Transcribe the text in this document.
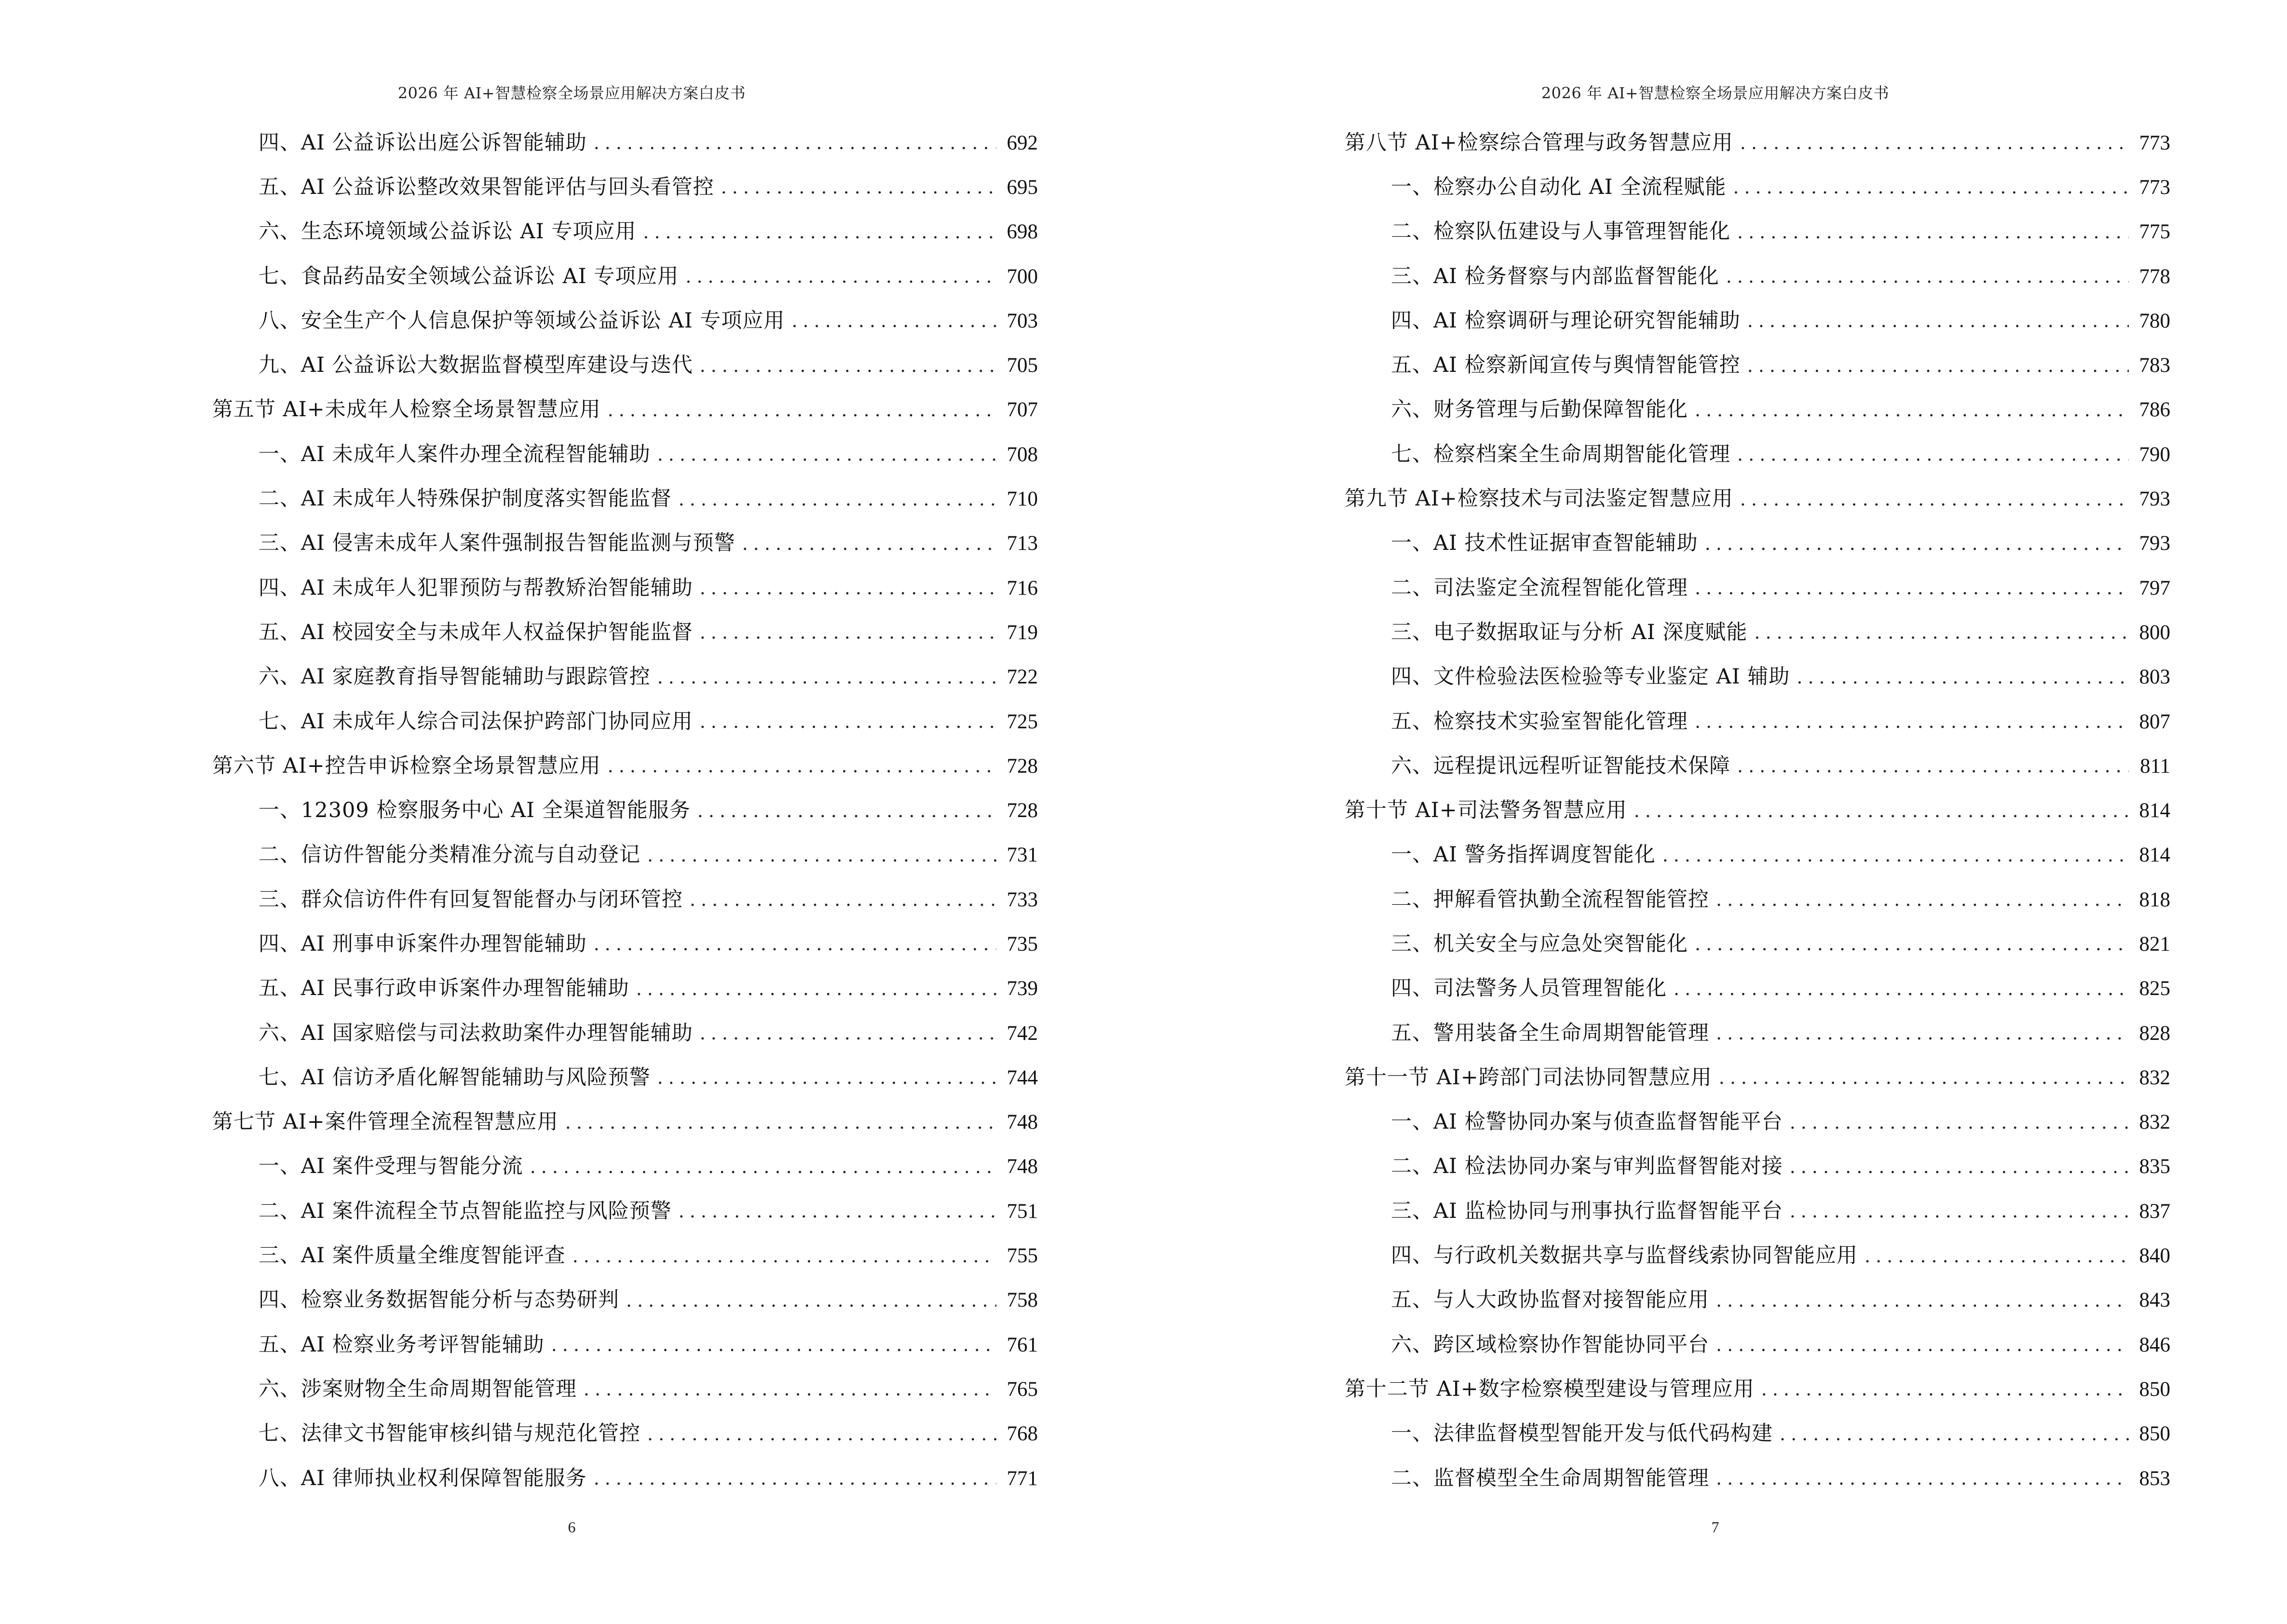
2026 年 AI+智慧检察全场景应用解决方案白皮书
四、AI 公益诉讼出庭公诉智能辅助 .....	692
五、AI 公益诉讼整改效果智能评估与回头看管控 .....	695
六、生态环境领域公益诉讼 AI 专项应用 .....	698
七、食品药品安全领域公益诉讼 AI 专项应用 .....	700
八、安全生产个人信息保护等领域公益诉讼 AI 专项应用 .....	703
九、AI 公益诉讼大数据监督模型库建设与迭代 .....	705
第五节 AI+未成年人检察全场景智慧应用 .....	707
一、AI 未成年人案件办理全流程智能辅助 .....	708
二、AI 未成年人特殊保护制度落实智能监督 .....	710
三、AI 侵害未成年人案件强制报告智能监测与预警 .....	713
四、AI 未成年人犯罪预防与帮教矫治智能辅助 .....	716
五、AI 校园安全与未成年人权益保护智能监督 .....	719
六、AI 家庭教育指导智能辅助与跟踪管控 .....	722
七、AI 未成年人综合司法保护跨部门协同应用 .....	725
第六节 AI+控告申诉检察全场景智慧应用 .....	728
一、12309 检察服务中心 AI 全渠道智能服务 .....	728
二、信访件智能分类精准分流与自动登记 .....	731
三、群众信访件件有回复智能督办与闭环管控 .....	733
四、AI 刑事申诉案件办理智能辅助 .....	735
五、AI 民事行政申诉案件办理智能辅助 .....	739
六、AI 国家赔偿与司法救助案件办理智能辅助 .....	742
七、AI 信访矛盾化解智能辅助与风险预警 .....	744
第七节 AI+案件管理全流程智慧应用 .....	748
一、AI 案件受理与智能分流 .....	748
二、AI 案件流程全节点智能监控与风险预警 .....	751
三、AI 案件质量全维度智能评查 .....	755
四、检察业务数据智能分析与态势研判 .....	758
五、AI 检察业务考评智能辅助 .....	761
六、涉案财物全生命周期智能管理 .....	765
七、法律文书智能审核纠错与规范化管控 .....	768
八、AI 律师执业权利保障智能服务 .....	771
6
2026 年 AI+智慧检察全场景应用解决方案白皮书
第八节 AI+检察综合管理与政务智慧应用 .....	773
一、检察办公自动化 AI 全流程赋能 .....	773
二、检察队伍建设与人事管理智能化 .....	775
三、AI 检务督察与内部监督智能化 .....	778
四、AI 检察调研与理论研究智能辅助 .....	780
五、AI 检察新闻宣传与舆情智能管控 .....	783
六、财务管理与后勤保障智能化 .....	786
七、检察档案全生命周期智能化管理 .....	790
第九节 AI+检察技术与司法鉴定智慧应用 .....	793
一、AI 技术性证据审查智能辅助 .....	793
二、司法鉴定全流程智能化管理 .....	797
三、电子数据取证与分析 AI 深度赋能 .....	800
四、文件检验法医检验等专业鉴定 AI 辅助 .....	803
五、检察技术实验室智能化管理 .....	807
六、远程提讯远程听证智能技术保障 .....	811
第十节 AI+司法警务智慧应用 .....	814
一、AI 警务指挥调度智能化 .....	814
二、押解看管执勤全流程智能管控 .....	818
三、机关安全与应急处突智能化 .....	821
四、司法警务人员管理智能化 .....	825
五、警用装备全生命周期智能管理 .....	828
第十一节 AI+跨部门司法协同智慧应用 .....	832
一、AI 检警协同办案与侦查监督智能平台 .....	832
二、AI 检法协同办案与审判监督智能对接 .....	835
三、AI 监检协同与刑事执行监督智能平台 .....	837
四、与行政机关数据共享与监督线索协同智能应用 .....	840
五、与人大政协监督对接智能应用 .....	843
六、跨区域检察协作智能协同平台 .....	846
第十二节 AI+数字检察模型建设与管理应用 .....	850
一、法律监督模型智能开发与低代码构建 .....	850
二、监督模型全生命周期智能管理 .....	853
7
